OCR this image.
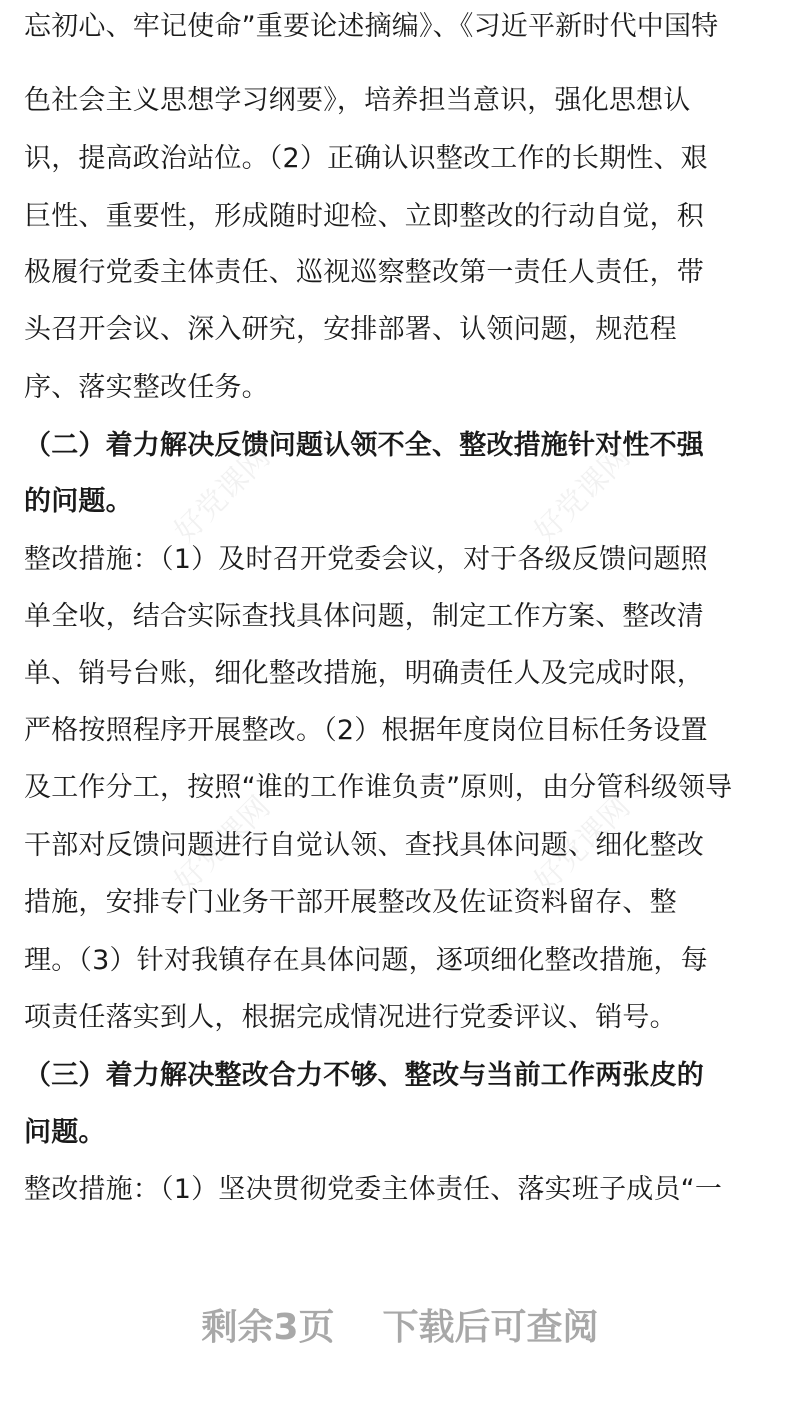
忘初心、牢记使命”重要论述摘编》、《习近平新时代中国特
色社会主义思想学习纲要》，培养担当意识，强化思想认
识，提高政治站位。（2）正确认识整改工作的长期性、艰
巨性、重要性，形成随时迎检、立即整改的行动自觉，积
极履行党委主体责任、巡视巡察整改第一责任人责任，带
头召开会议、深入研究，安排部署、认领问题，规范程
序、落实整改任务。
（二）着力解决反馈问题认领不全、整改措施针对性不强
的问题。
整改措施：（1）及时召开党委会议，对于各级反馈问题照
单全收，结合实际查找具体问题，制定工作方案、整改清
单、销号台账，细化整改措施，明确责任人及完成时限，
严格按照程序开展整改。（2）根据年度岗位目标任务设置
及工作分工，按照“谁的工作谁负责”原则，由分管科级领导
干部对反馈问题进行自觉认领、查找具体问题、细化整改
措施，安排专门业务干部开展整改及佐证资料留存、整
理。（3）针对我镇存在具体问题，逐项细化整改措施，每
项责任落实到人，根据完成情况进行党委评议、销号。
（三）着力解决整改合力不够、整改与当前工作两张皮的
问题。
整改措施：（1）坚决贯彻党委主体责任、落实班子成员“一
好党课网	好党课网
好党课网	好党课网
剩余3页 下载后可查阅
